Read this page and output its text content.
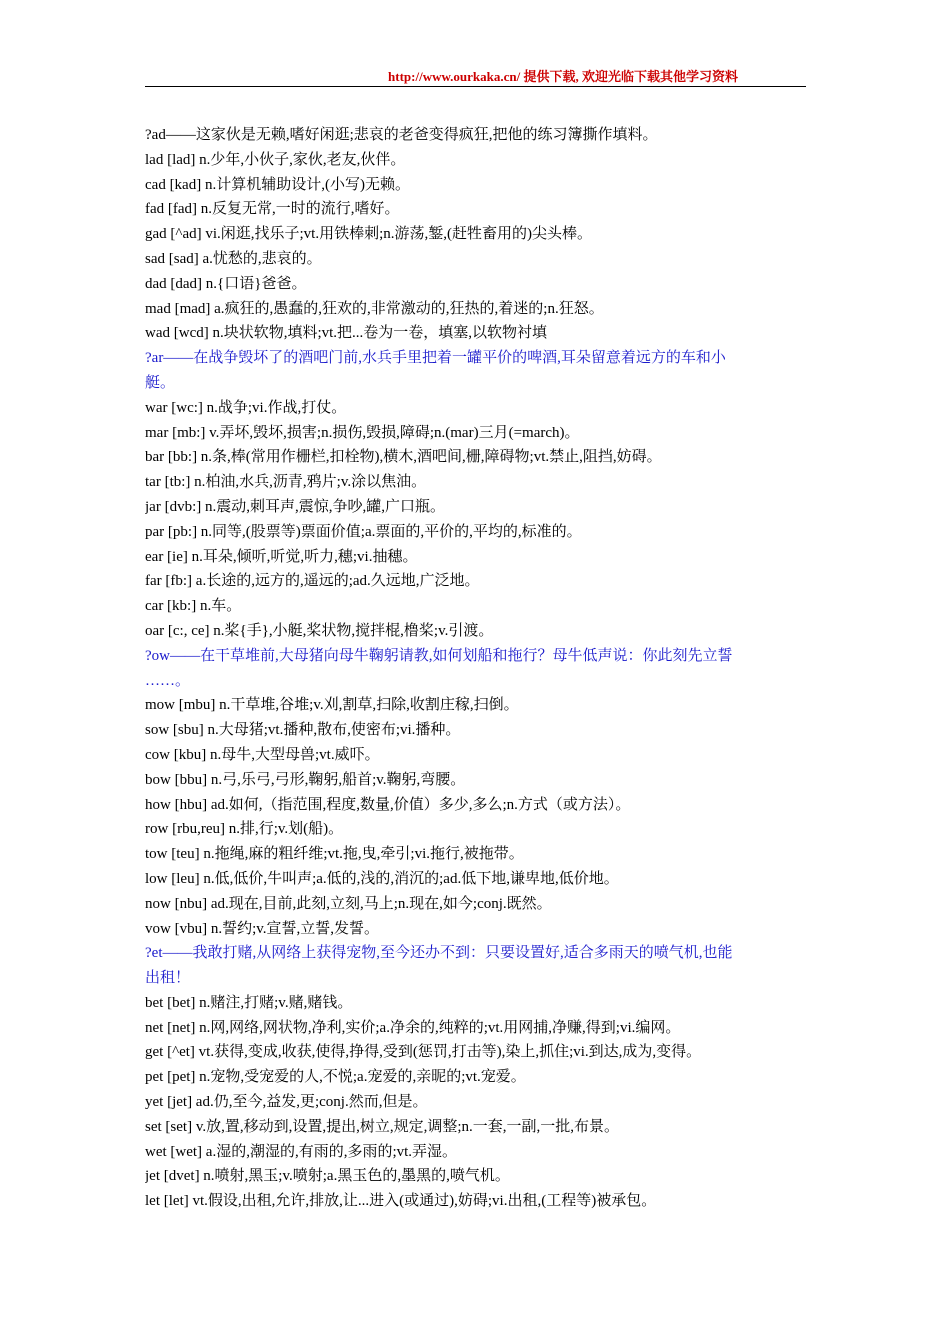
http://www.ourkaka.cn/ 提供下载, 欢迎光临下载其他学习资料
?ad——这家伙是无赖,嗜好闲逛;悲哀的老爸变得疯狂,把他的练习簿撕作填料。
lad [lad] n.少年,小伙子,家伙,老友,伙伴。
cad [kad] n.计算机辅助设计,(小写)无赖。
fad [fad] n.反复无常,一时的流行,嗜好。
gad [^ad] vi.闲逛,找乐子;vt.用铁棒刺;n.游荡,錾,(赶牲畜用的)尖头棒。
sad [sad] a.忧愁的,悲哀的。
dad [dad] n.{口语}爸爸。
mad [mad] a.疯狂的,愚蠢的,狂欢的,非常激动的,狂热的,着迷的;n.狂怒。
wad [wcd] n.块状软物,填料;vt.把...卷为一卷，填塞,以软物衬填
?ar——在战争毁坏了的酒吧门前,水兵手里把着一罐平价的啤酒,耳朵留意着远方的车和小
艇。
war [wc:] n.战争;vi.作战,打仗。
mar [mb:] v.弄坏,毁坏,损害;n.损伤,毁损,障碍;n.(mar)三月(=march)。
bar [bb:] n.条,棒(常用作栅栏,扣栓物),横木,酒吧间,栅,障碍物;vt.禁止,阻挡,妨碍。
tar [tb:] n.柏油,水兵,沥青,鸦片;v.涂以焦油。
jar [dvb:] n.震动,刺耳声,震惊,争吵,罐,广口瓶。
par [pb:] n.同等,(股票等)票面价值;a.票面的,平价的,平均的,标准的。
ear [ie] n.耳朵,倾听,听觉,听力,穗;vi.抽穗。
far [fb:] a.长途的,远方的,遥远的;ad.久远地,广泛地。
car [kb:] n.车。
oar [c:, ce] n.桨{手},小艇,桨状物,搅拌棍,橹桨;v.引渡。
?ow——在干草堆前,大母猪向母牛鞠躬请教,如何划船和拖行？母牛低声说：你此刻先立誓
……。
mow [mbu] n.干草堆,谷堆;v.刈,割草,扫除,收割庄稼,扫倒。
sow [sbu] n.大母猪;vt.播种,散布,使密布;vi.播种。
cow [kbu] n.母牛,大型母兽;vt.威吓。
bow [bbu] n.弓,乐弓,弓形,鞠躬,船首;v.鞠躬,弯腰。
how [hbu] ad.如何,（指范围,程度,数量,价值）多少,多么;n.方式（或方法）。
row [rbu,reu] n.排,行;v.划(船)。
tow [teu] n.拖绳,麻的粗纤维;vt.拖,曳,牵引;vi.拖行,被拖带。
low [leu] n.低,低价,牛叫声;a.低的,浅的,消沉的;ad.低下地,谦卑地,低价地。
now [nbu] ad.现在,目前,此刻,立刻,马上;n.现在,如今;conj.既然。
vow [vbu] n.誓约;v.宣誓,立誓,发誓。
?et——我敢打赌,从网络上获得宠物,至今还办不到：只要设置好,适合多雨天的喷气机,也能
出租！
bet [bet] n.赌注,打赌;v.赌,赌钱。
net [net] n.网,网络,网状物,净利,实价;a.净余的,纯粹的;vt.用网捕,净赚,得到;vi.编网。
get [^et] vt.获得,变成,收获,使得,挣得,受到(惩罚,打击等),染上,抓住;vi.到达,成为,变得。
pet [pet] n.宠物,受宠爱的人,不悦;a.宠爱的,亲昵的;vt.宠爱。
yet [jet] ad.仍,至今,益发,更;conj.然而,但是。
set [set] v.放,置,移动到,设置,提出,树立,规定,调整;n.一套,一副,一批,布景。
wet [wet] a.湿的,潮湿的,有雨的,多雨的;vt.弄湿。
jet [dvet] n.喷射,黑玉;v.喷射;a.黑玉色的,墨黑的,喷气机。
let [let] vt.假设,出租,允许,排放,让...进入(或通过),妨碍;vi.出租,(工程等)被承包。
